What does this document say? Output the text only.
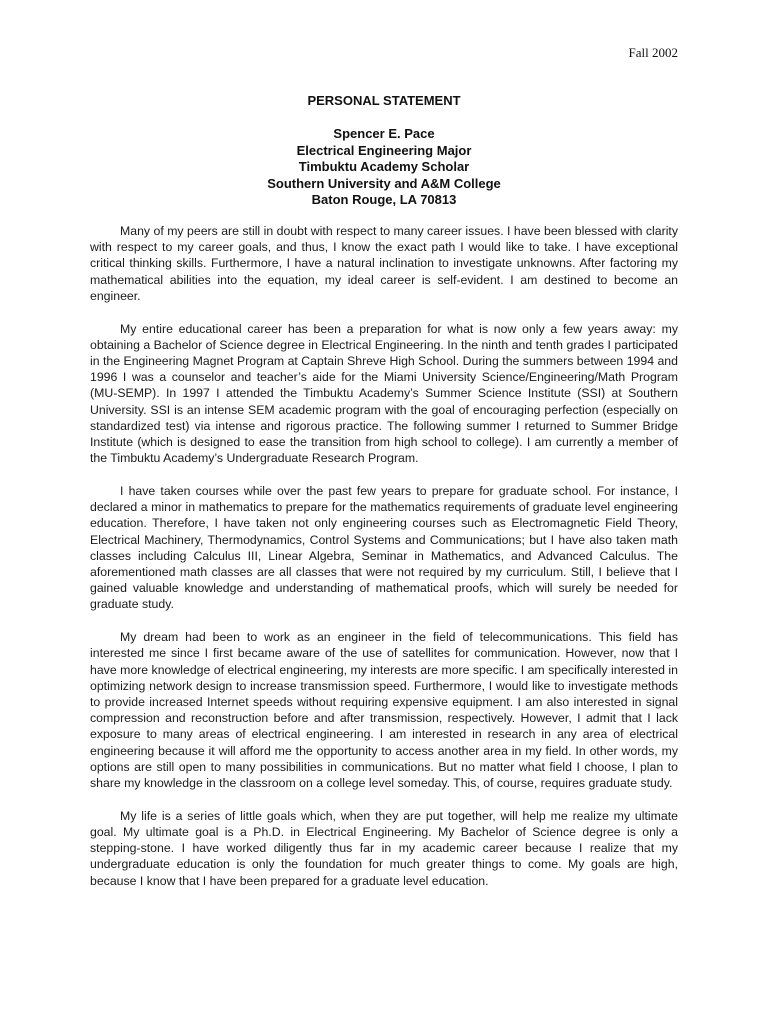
Fall 2002
PERSONAL STATEMENT
Spencer E. Pace
Electrical Engineering Major
Timbuktu Academy Scholar
Southern University and A&M College
Baton Rouge, LA 70813

Many of my peers are still in doubt with respect to many career issues. I have been blessed with clarity with respect to my career goals, and thus, I know the exact path I would like to take. I have exceptional critical thinking skills. Furthermore, I have a natural inclination to investigate unknowns. After factoring my mathematical abilities into the equation, my ideal career is self-evident. I am destined to become an engineer.

My entire educational career has been a preparation for what is now only a few years away: my obtaining a Bachelor of Science degree in Electrical Engineering. In the ninth and tenth grades I participated in the Engineering Magnet Program at Captain Shreve High School. During the summers between 1994 and 1996 I was a counselor and teacher’s aide for the Miami University Science/Engineering/Math Program (MU-SEMP). In 1997 I attended the Timbuktu Academy’s Summer Science Institute (SSI) at Southern University. SSI is an intense SEM academic program with the goal of encouraging perfection (especially on standardized test) via intense and rigorous practice. The following summer I returned to Summer Bridge Institute (which is designed to ease the transition from high school to college). I am currently a member of the Timbuktu Academy’s Undergraduate Research Program.

I have taken courses while over the past few years to prepare for graduate school. For instance, I declared a minor in mathematics to prepare for the mathematics requirements of graduate level engineering education. Therefore, I have taken not only engineering courses such as Electromagnetic Field Theory, Electrical Machinery, Thermodynamics, Control Systems and Communications; but I have also taken math classes including Calculus III, Linear Algebra, Seminar in Mathematics, and Advanced Calculus. The aforementioned math classes are all classes that were not required by my curriculum. Still, I believe that I gained valuable knowledge and understanding of mathematical proofs, which will surely be needed for graduate study.

My dream had been to work as an engineer in the field of telecommunications. This field has interested me since I first became aware of the use of satellites for communication. However, now that I have more knowledge of electrical engineering, my interests are more specific. I am specifically interested in optimizing network design to increase transmission speed. Furthermore, I would like to investigate methods to provide increased Internet speeds without requiring expensive equipment. I am also interested in signal compression and reconstruction before and after transmission, respectively. However, I admit that I lack exposure to many areas of electrical engineering. I am interested in research in any area of electrical engineering because it will afford me the opportunity to access another area in my field. In other words, my options are still open to many possibilities in communications. But no matter what field I choose, I plan to share my knowledge in the classroom on a college level someday. This, of course, requires graduate study.

My life is a series of little goals which, when they are put together, will help me realize my ultimate goal. My ultimate goal is a Ph.D. in Electrical Engineering. My Bachelor of Science degree is only a stepping-stone. I have worked diligently thus far in my academic career because I realize that my undergraduate education is only the foundation for much greater things to come. My goals are high, because I know that I have been prepared for a graduate level education.
